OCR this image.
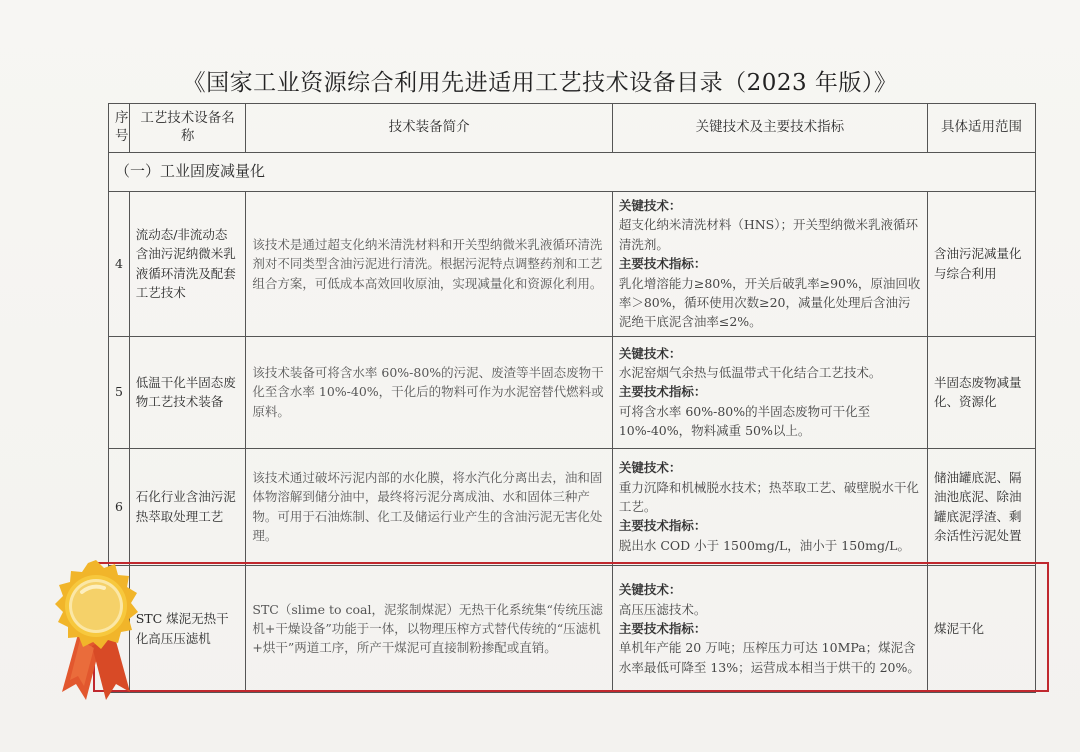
《国家工业资源综合利用先进适用工艺技术设备目录（2023 年版）》
序号	工艺技术设备名称	技术装备简介	关键技术及主要技术指标	具体适用范围
（一）工业固废减量化				
4	流动态/非流动态含油污泥纳微米乳液循环清洗及配套工艺技术	该技术是通过超支化纳米清洗材料和开关型纳微米乳液循环清洗剂对不同类型含油污泥进行清洗。根据污泥特点调整药剂和工艺组合方案，可低成本高效回收原油，实现减量化和资源化利用。	关键技术：
超支化纳米清洗材料（HNS）；开关型纳微米乳液循环清洗剂。
主要技术指标：
乳化增溶能力≥80%，开关后破乳率≥90%，原油回收率＞80%，循环使用次数≥20，减量化处理后含油污泥绝干底泥含油率≤2%。	含油污泥减量化与综合利用
5	低温干化半固态废物工艺技术装备	该技术装备可将含水率 60%-80%的污泥、废渣等半固态废物干化至含水率 10%-40%，干化后的物料可作为水泥窑替代燃料或原料。	关键技术：
水泥窑烟气余热与低温带式干化结合工艺技术。
主要技术指标：
可将含水率 60%-80%的半固态废物可干化至 10%-40%，物料减重 50%以上。	半固态废物减量化、资源化
6	石化行业含油污泥热萃取处理工艺	该技术通过破坏污泥内部的水化膜，将水汽化分离出去，油和固体物溶解到储分油中，最终将污泥分离成油、水和固体三种产物。可用于石油炼制、化工及储运行业产生的含油污泥无害化处理。	关键技术：
重力沉降和机械脱水技术；热萃取工艺、破壁脱水干化工艺。
主要技术指标：
脱出水 COD 小于 1500mg/L，油小于 150mg/L。	储油罐底泥、隔油池底泥、除油罐底泥浮渣、剩余活性污泥处置
	STC 煤泥无热干化高压压滤机	STC（slime to coal，泥浆制煤泥）无热干化系统集“传统压滤机+干燥设备”功能于一体，以物理压榨方式替代传统的“压滤机+烘干”两道工序，所产干煤泥可直接制粉掺配或直销。	关键技术：
高压压滤技术。
主要技术指标：
单机年产能 20 万吨；压榨压力可达 10MPa；煤泥含水率最低可降至 13%；运营成本相当于烘干的 20%。	煤泥干化
